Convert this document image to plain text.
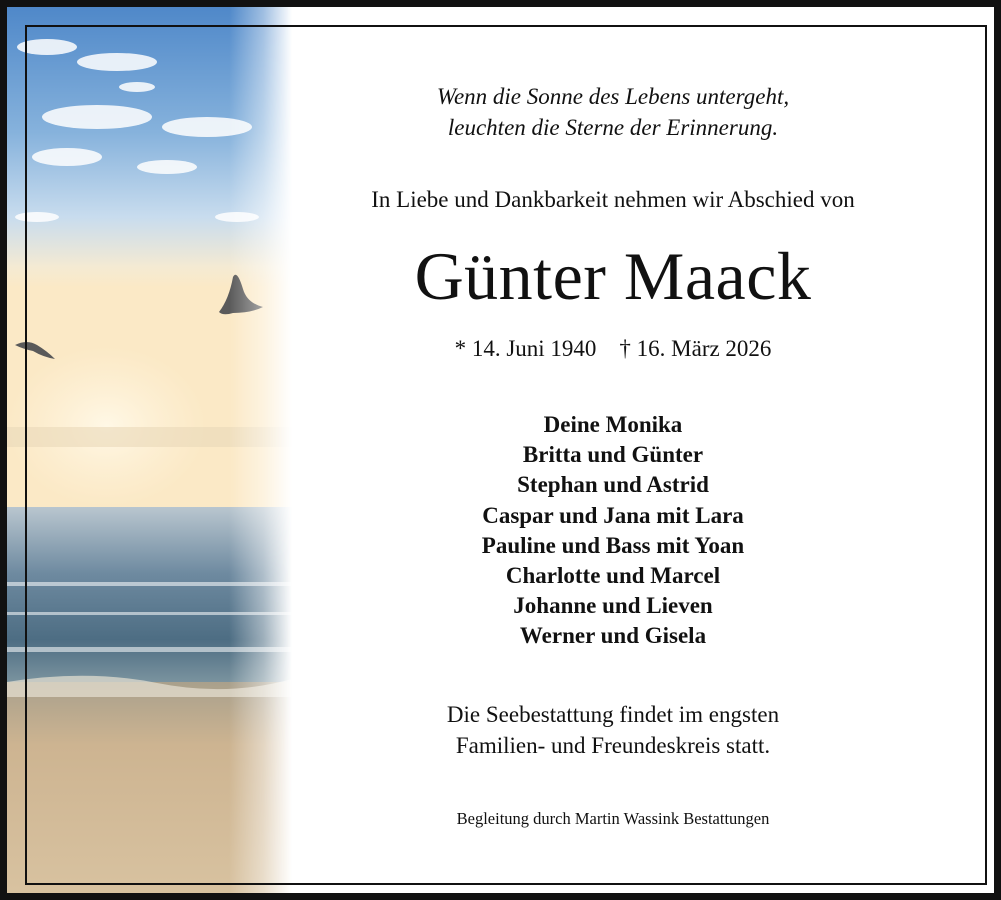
Wenn die Sonne des Lebens untergeht,
leuchten die Sterne der Erinnerung.
In Liebe und Dankbarkeit nehmen wir Abschied von
Günter Maack
* 14. Juni 1940 † 16. März 2026
Deine Monika
Britta und Günter
Stephan und Astrid
Caspar und Jana mit Lara
Pauline und Bass mit Yoan
Charlotte und Marcel
Johanne und Lieven
Werner und Gisela
Die Seebestattung findet im engsten
Familien- und Freundeskreis statt.
Begleitung durch Martin Wassink Bestattungen
